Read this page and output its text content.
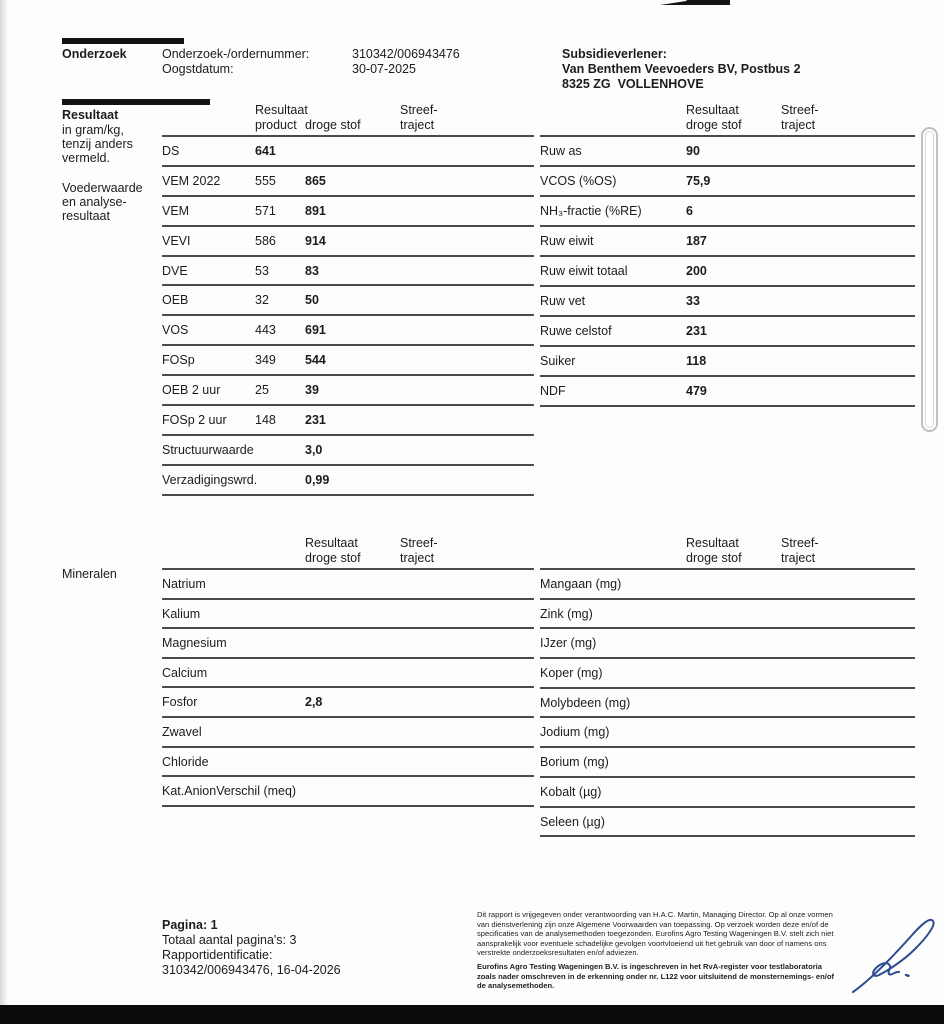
Onderzoek	Onderzoek-/ordernummer:
Oogstdatum:
310342/006943476
30-07-2025
Subsidieverlener:
Van Benthem Veevoeders BV, Postbus 2
8325 ZG  VOLLENHOVE
Resultaat
in gram/kg,
tenzij anders
vermeld.
Voederwaarde
en analyse-
resultaat
Resultaat
product droge stof
Streef-
traject
DS	641
VEM 2022	555 865
VEM	571 891
VEVI	586 914
DVE	53	83
OEB	32	50
VOS	443 691
FOSp	349 544
OEB 2 uur	25	39
FOSp 2 uur 148 231
Structuurwaarde	3,0
Verzadigingswrd.	0,99
Resultaat
droge stof
Streef-
traject
Ruw as	90
VCOS (%OS)	75,9
NH₃-fractie (%RE)	6
Ruw eiwit	187
Ruw eiwit totaal	200
Ruw vet	33
Ruwe celstof	231
Suiker	118
NDF	479
Mineralen
Resultaat
droge stof
Streef-
traject
Natrium
Kalium
Magnesium
Calcium
Fosfor	2,8
Zwavel
Chloride
Kat.AnionVerschil (meq)
Resultaat
droge stof
Streef-
traject
Mangaan (mg)
Zink (mg)
IJzer (mg)
Koper (mg)
Molybdeen (mg)
Jodium (mg)
Borium (mg)
Kobalt (µg)
Seleen (µg)
Pagina: 1
Totaal aantal pagina's: 3
Rapportidentificatie:
310342/006943476, 16-04-2026
Dit rapport is vrijgegeven onder verantwoording van H.A.C. Martin, Managing Director. Op al onze vormen van dienstverlening zijn onze Algemene Voorwaarden van toepassing. Op verzoek worden deze en/of de specificaties van de analysemethoden toegezonden. Eurofins Agro Testing Wageningen B.V. stelt zich niet aansprakelijk voor eventuele schadelijke gevolgen voortvloeiend uit het gebruik van door of namens ons verstrekte onderzoeksresultaten en/of adviezen.
Eurofins Agro Testing Wageningen B.V. is ingeschreven in het RvA-register voor testlaboratoria zoals nader omschreven in de erkenning onder nr. L122 voor uitsluitend de monsternemings- en/of de analysemethoden.
